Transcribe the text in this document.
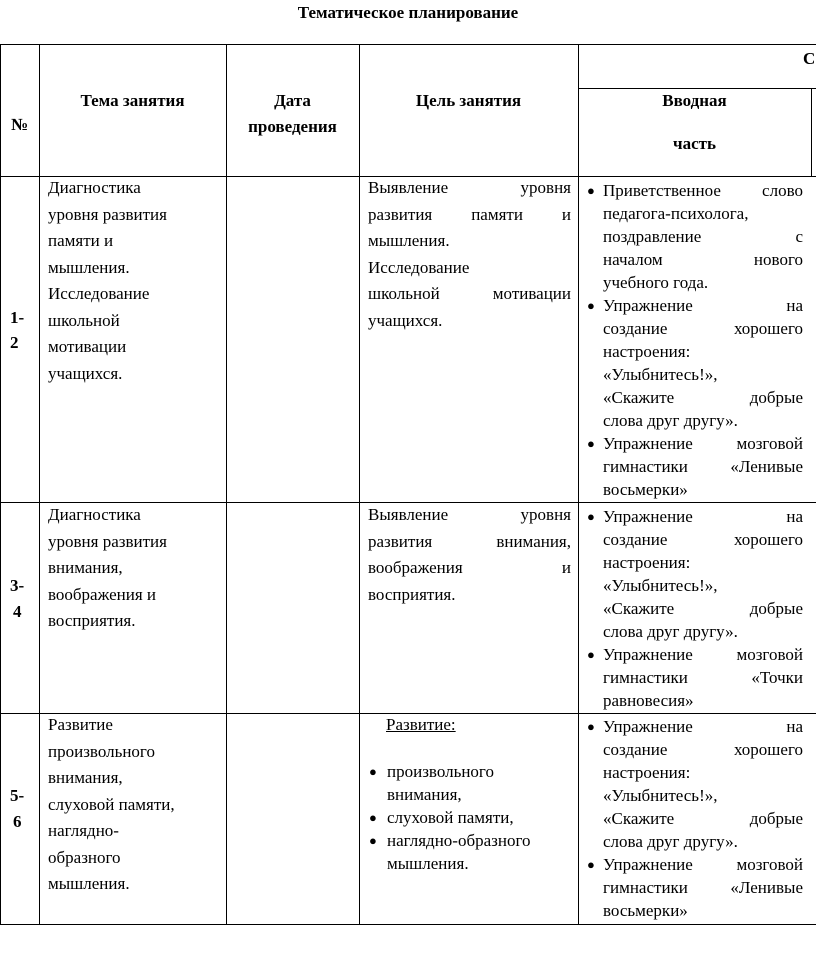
Тематическое планирование
№
Тема занятия	Дата
проведения
Цель занятия
С
Вводная
часть
1-
2
Диагностика
уровня развития
памяти и
мышления.
Исследование
школьной
мотивации
учащихся.
Выявление уровня
развития памяти и
мышления.
Исследование
школьной мотивации
учащихся.
● Приветственное слово
педагога-психолога,
поздравление с
началом нового
учебного года.
● Упражнение на
создание хорошего
настроения:
«Улыбнитесь!»,
«Скажите добрые
слова друг другу».
● Упражнение мозговой
гимнастики «Ленивые
восьмерки»
3-
4
Диагностика
уровня развития
внимания,
воображения и
восприятия.
Выявление уровня
развития внимания,
воображения и
восприятия.
● Упражнение на
создание хорошего
настроения:
«Улыбнитесь!»,
«Скажите добрые
слова друг другу».
● Упражнение мозговой
гимнастики «Точки
равновесия»
5-
6
Развитие
произвольного
внимания,
слуховой памяти,
наглядно-
образного
мышления.
Развитие:
● произвольного
внимания,
● слуховой памяти,
● наглядно-образного
мышления.
● Упражнение на
создание хорошего
настроения:
«Улыбнитесь!»,
«Скажите добрые
слова друг другу».
● Упражнение мозговой
гимнастики «Ленивые
восьмерки»
